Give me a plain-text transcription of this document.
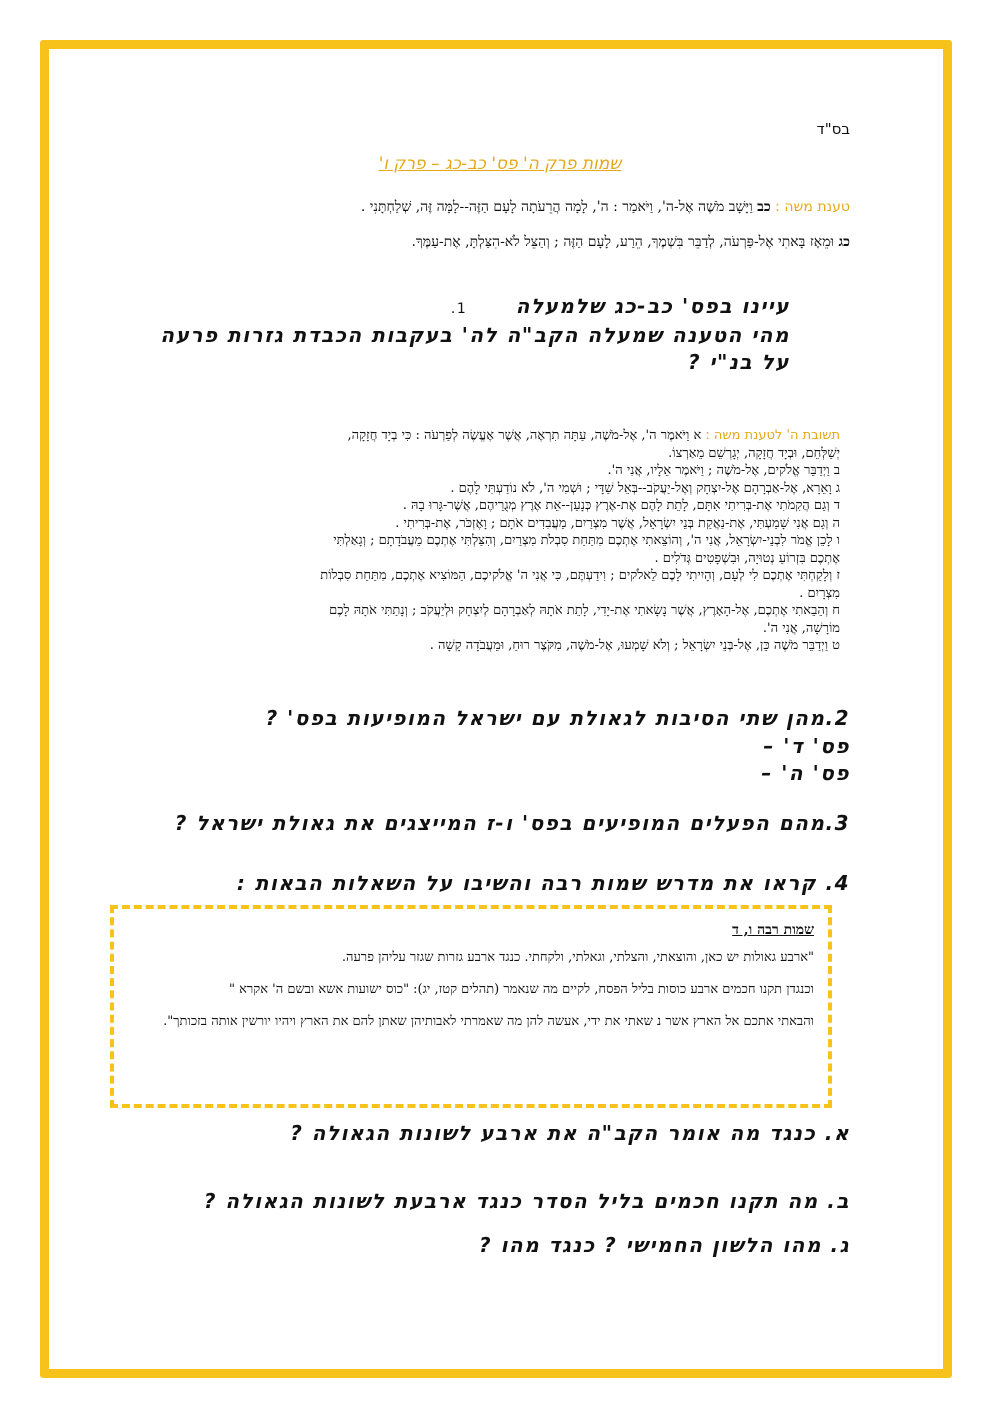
בס"ד
שמות פרק ה' פס' כב-כג – פרק ו'
טענת משה : כב וַיָּשָׁב מֹשֶׁה אֶל-ה', וַיֹּאמַר : ה', לָמָה הֲרֵעֹתָה לָעָם הַזֶּה--לָמָּה זֶּה, שְׁלַחְתָּנִי .
כג וּמֵאָז בָּאתִי אֶל-פַּרְעֹה, לְדַבֵּר בִּשְׁמֶךָ, הֵרַע, לָעָם הַזֶּה ; וְהַצֵּל לֹא-הִצַּלְתָּ, אֶת-עַמֶּךָ.
עיינו בפס' כב-כג שלמעלה 1.
מהי הטענה שמעלה הקב"ה לה' בעקבות הכבדת גזרות פרעה
על בנ"י ?
תשובת ה' לטענת משה : א וַיֹּאמֶר ה', אֶל-מֹשֶׁה, עַתָּה תִרְאֶה, אֲשֶׁר אֶעֱשֶׂה לְפַרְעֹה : כִּי בְיָד חֲזָקָה,
יְשַׁלְּחֵם, וּבְיָד חֲזָקָה, יְגָרְשֵׁם מֵאַרְצוֹ.
ב וַיְדַבֵּר אֱלֹקים, אֶל-מֹשֶׁה ; וַיֹּאמֶר אֵלָיו, אֲנִי ה'.
ג וָאֵרָא, אֶל-אַבְרָהָם אֶל-יִצְחָק וְאֶל-יַעֲקֹב--בְּאֵל שַׁדָּי ; וּשְׁמִי ה', לֹא נוֹדַעְתִּי לָהֶם .
ד וְגַם הֲקִמֹתִי אֶת-בְּרִיתִי אִתָּם, לָתֵת לָהֶם אֶת-אֶרֶץ כְּנָעַן--אֵת אֶרֶץ מְגֻרֵיהֶם, אֲשֶׁר-גָּרוּ בָהּ .
ה וְגַם אֲנִי שָׁמַעְתִּי, אֶת-נַאֲקַת בְּנֵי יִשְׂרָאֵל, אֲשֶׁר מִצְרַיִם, מַעֲבִדִים אֹתָם ; וָאֶזְכֹּר, אֶת-בְּרִיתִי .
ו לָכֵן אֱמֹר לִבְנֵי-יִשְׂרָאֵל, אֲנִי ה', וְהוֹצֵאתִי אֶתְכֶם מִתַּחַת סִבְלֹת מִצְרַיִם, וְהִצַּלְתִּי אֶתְכֶם מֵעֲבֹדָתָם ; וְגָאַלְתִּי
אֶתְכֶם בִּזְרוֹעַ נְטוּיָה, וּבִשְׁפָטִים גְּדֹלִים .
ז וְלָקַחְתִּי אֶתְכֶם לִי לְעָם, וְהָיִיתִי לָכֶם לֵאלֹקים ; וִידַעְתֶּם, כִּי אֲנִי ה' אֱלֹקיכֶם, הַמּוֹצִיא אֶתְכֶם, מִתַּחַת סִבְלוֹת
מִצְרָיִם .
ח וְהֵבֵאתִי אֶתְכֶם, אֶל-הָאָרֶץ, אֲשֶׁר נָשָׂאתִי אֶת-יָדִי, לָתֵת אֹתָהּ לְאַבְרָהָם לְיִצְחָק וּלְיַעֲקֹב ; וְנָתַתִּי אֹתָהּ לָכֶם
מוֹרָשָׁה, אֲנִי ה'.
ט וַיְדַבֵּר מֹשֶׁה כֵּן, אֶל-בְּנֵי יִשְׂרָאֵל ; וְלֹא שָׁמְעוּ, אֶל-מֹשֶׁה, מִקֹּצֶר רוּחַ, וּמֵעֲבֹדָה קָשָׁה .
2.מהן שתי הסיבות לגאולת עם ישראל המופיעות בפס' ?
פס' ד' –
פס' ה' –
3.מהם הפעלים המופיעים בפס' ו-ז המייצגים את גאולת ישראל ?
4. קראו את מדרש שמות רבה והשיבו על השאלות הבאות :
שמות רבה ו, ד

"ארבע גאולות יש כאן, והוצאתי, והצלתי, וגאלתי, ולקחתי. כנגד ארבע גזרות שגזר עליהן פרעה.

וכנגדן תקנו חכמים ארבע כוסות בליל הפסח, לקיים מה שנאמר (תהלים קטז, יג): "כוס ישועות אשא ובשם ה' אקרא "

והבאתי אתכם אל הארץ אשר נ שאתי את ידי, אעשה להן מה שאמרתי לאבותיהן שאתן להם את הארץ ויהיו יורשין אותה בזכותך".

א. כנגד מה אומר הקב"ה את ארבע לשונות הגאולה ?
ב. מה תקנו חכמים בליל הסדר כנגד ארבעת לשונות הגאולה ?
ג. מהו הלשון החמישי ? כנגד מהו ?
